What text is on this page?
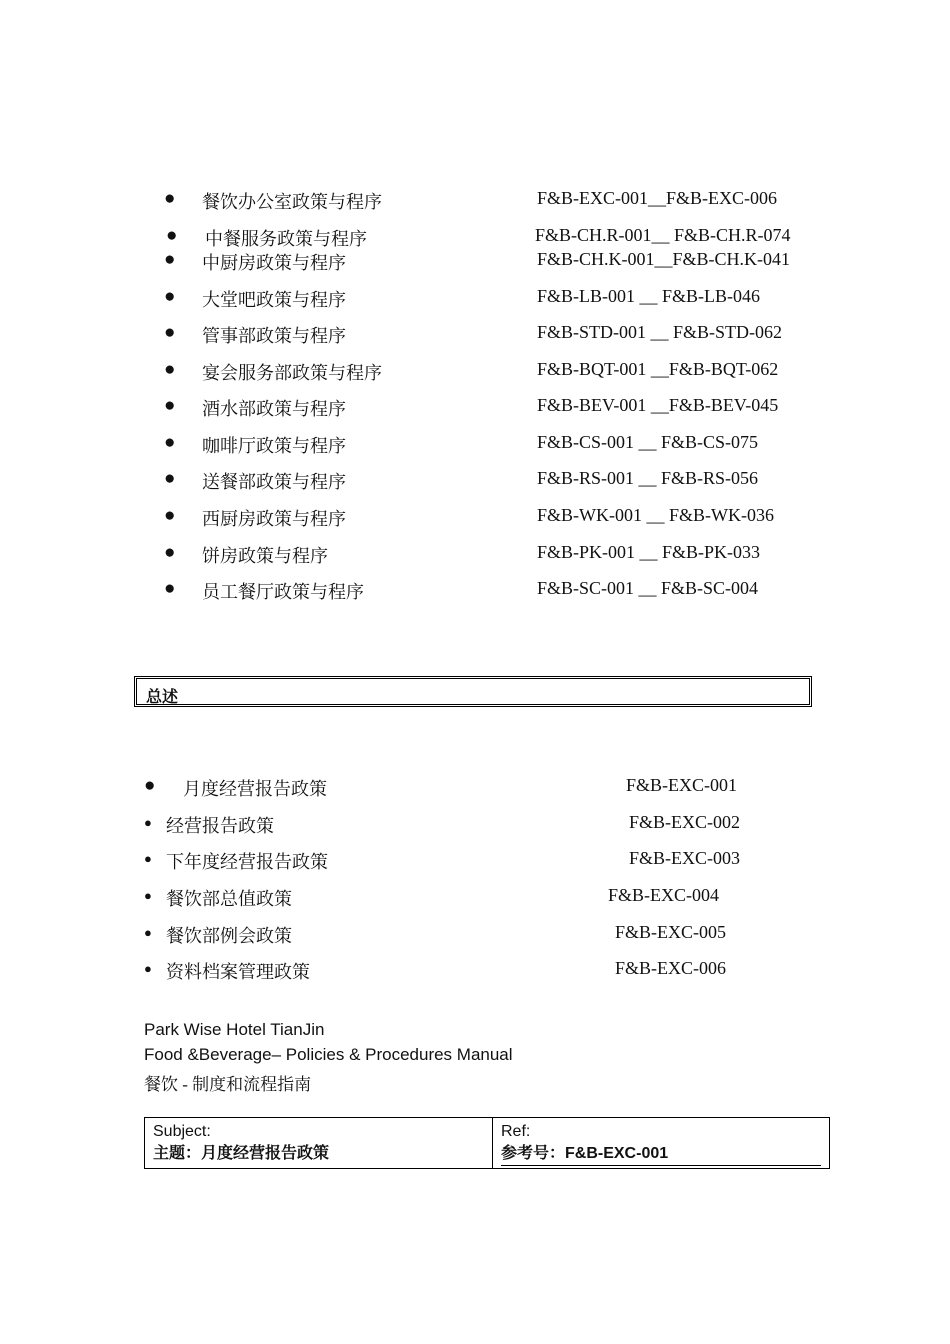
● 餐饮办公室政策与程序	F&B-EXC-001__F&B-EXC-006
● 中餐服务政策与程序	F&B-CH.R-001__ F&B-CH.R-074
● 中厨房政策与程序	F&B-CH.K-001__F&B-CH.K-041
● 大堂吧政策与程序	F&B-LB-001 __ F&B-LB-046
● 管事部政策与程序	F&B-STD-001 __ F&B-STD-062
● 宴会服务部政策与程序	F&B-BQT-001 __F&B-BQT-062
● 酒水部政策与程序	F&B-BEV-001 __F&B-BEV-045
● 咖啡厅政策与程序	F&B-CS-001 __ F&B-CS-075
● 送餐部政策与程序	F&B-RS-001 __ F&B-RS-056
● 西厨房政策与程序	F&B-WK-001 __ F&B-WK-036
● 饼房政策与程序	F&B-PK-001 __ F&B-PK-033
● 员工餐厅政策与程序	F&B-SC-001 __ F&B-SC-004
总述
● 月度经营报告政策	F&B-EXC-001
● 经营报告政策	F&B-EXC-002
● 下年度经营报告政策	F&B-EXC-003
● 餐饮部总值政策	F&B-EXC-004
● 餐饮部例会政策	F&B-EXC-005
● 资料档案管理政策	F&B-EXC-006
Park Wise Hotel TianJin
Food &Beverage– Policies & Procedures Manual
餐饮 - 制度和流程指南
Subject:
主题：月度经营报告政策

Ref:
参考号：F&B-EXC-001
